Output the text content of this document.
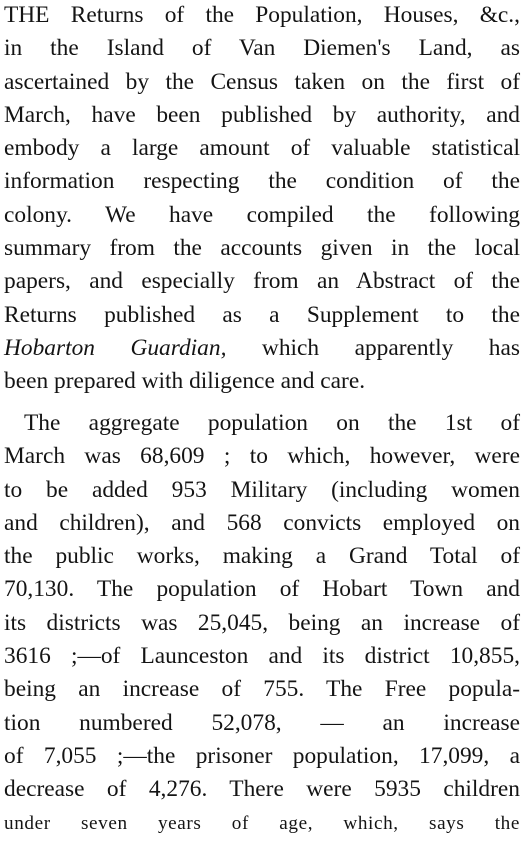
THE Returns of the Population, Houses, &c.,
in the Island of Van Diemen's Land, as
ascertained by the Census taken on the first of
March, have been published by authority, and
embody a large amount of valuable statistical
information respecting the condition of the
colony. We have compiled the following
summary from the accounts given in the local
papers, and especially from an Abstract of the
Returns published as a Supplement to the
Hobarton Guardian, which apparently has
been prepared with diligence and care.
The aggregate population on the 1st of
March was 68,609 ; to which, however, were
to be added 953 Military (including women
and children), and 568 convicts employed on
the public works, making a Grand Total of
70,130. The population of Hobart Town and
its districts was 25,045, being an increase of
3616 ;—of Launceston and its district 10,855,
being an increase of 755. The Free popula-
tion numbered 52,078, — an increase
of 7,055 ;—the prisoner population, 17,099, a
decrease of 4,276. There were 5935 children
under seven years of age, which, says the
